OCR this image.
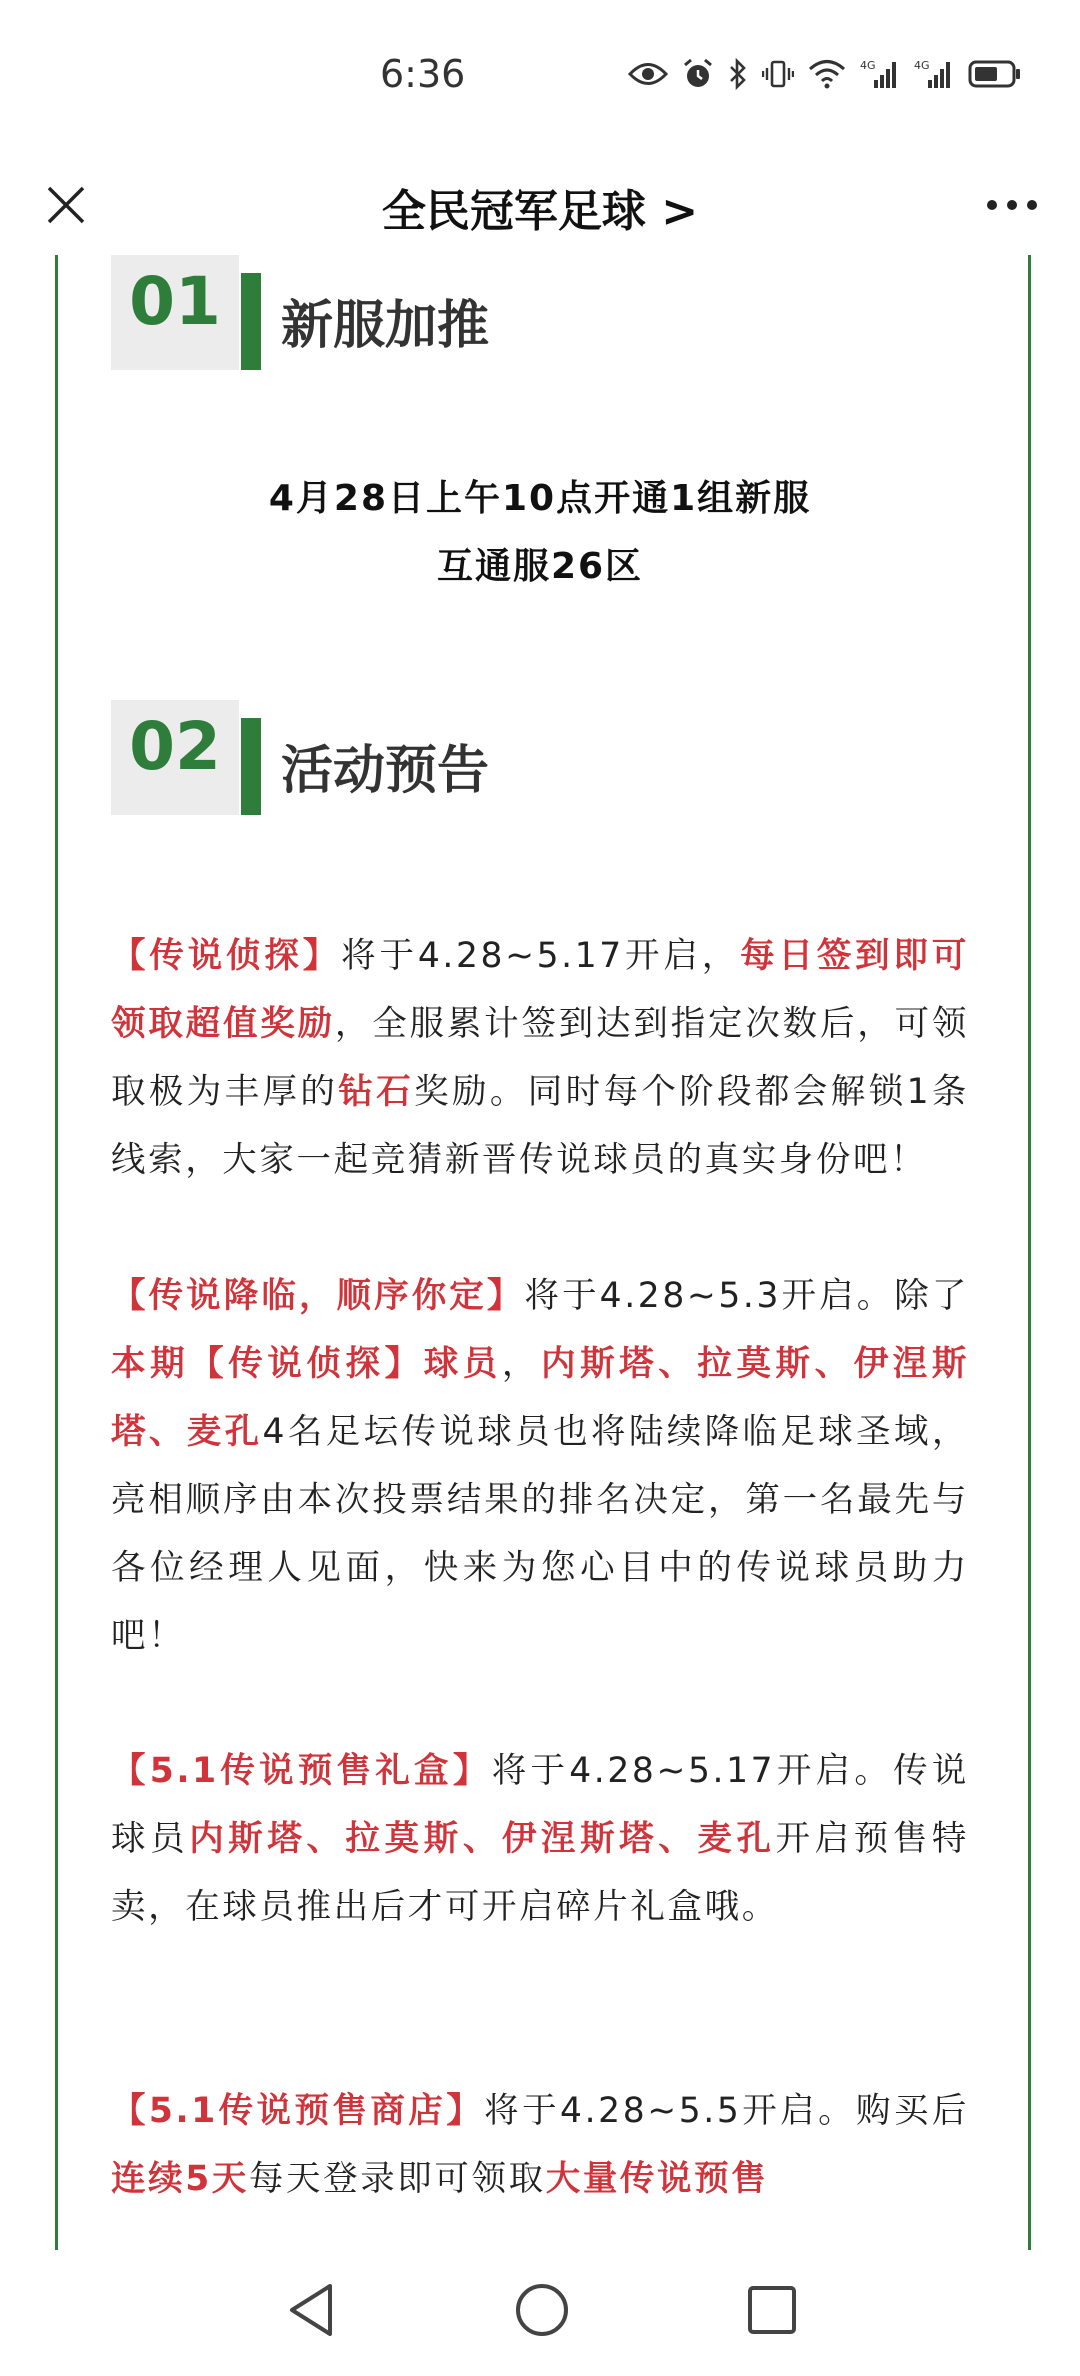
6:36	4G	4G
全民冠军足球 >
01	新服加推
4月28日上午10点开通1组新服
互通服26区
02	活动预告
【传说侦探】将于4.28~5.17开启，每日签到即可领取超值奖励，全服累计签到达到指定次数后，可领取极为丰厚的钻石奖励。同时每个阶段都会解锁1条线索，大家一起竞猜新晋传说球员的真实身份吧！
【传说降临，顺序你定】将于4.28~5.3开启。除了本期【传说侦探】球员，内斯塔、拉莫斯、伊涅斯塔、麦孔4名足坛传说球员也将陆续降临足球圣域，亮相顺序由本次投票结果的排名决定，第一名最先与各位经理人见面，快来为您心目中的传说球员助力吧！
【5.1传说预售礼盒】将于4.28~5.17开启。传说球员内斯塔、拉莫斯、伊涅斯塔、麦孔开启预售特卖，在球员推出后才可开启碎片礼盒哦。
【5.1传说预售商店】将于4.28~5.5开启。购买后连续5天每天登录即可领取大量传说预售
